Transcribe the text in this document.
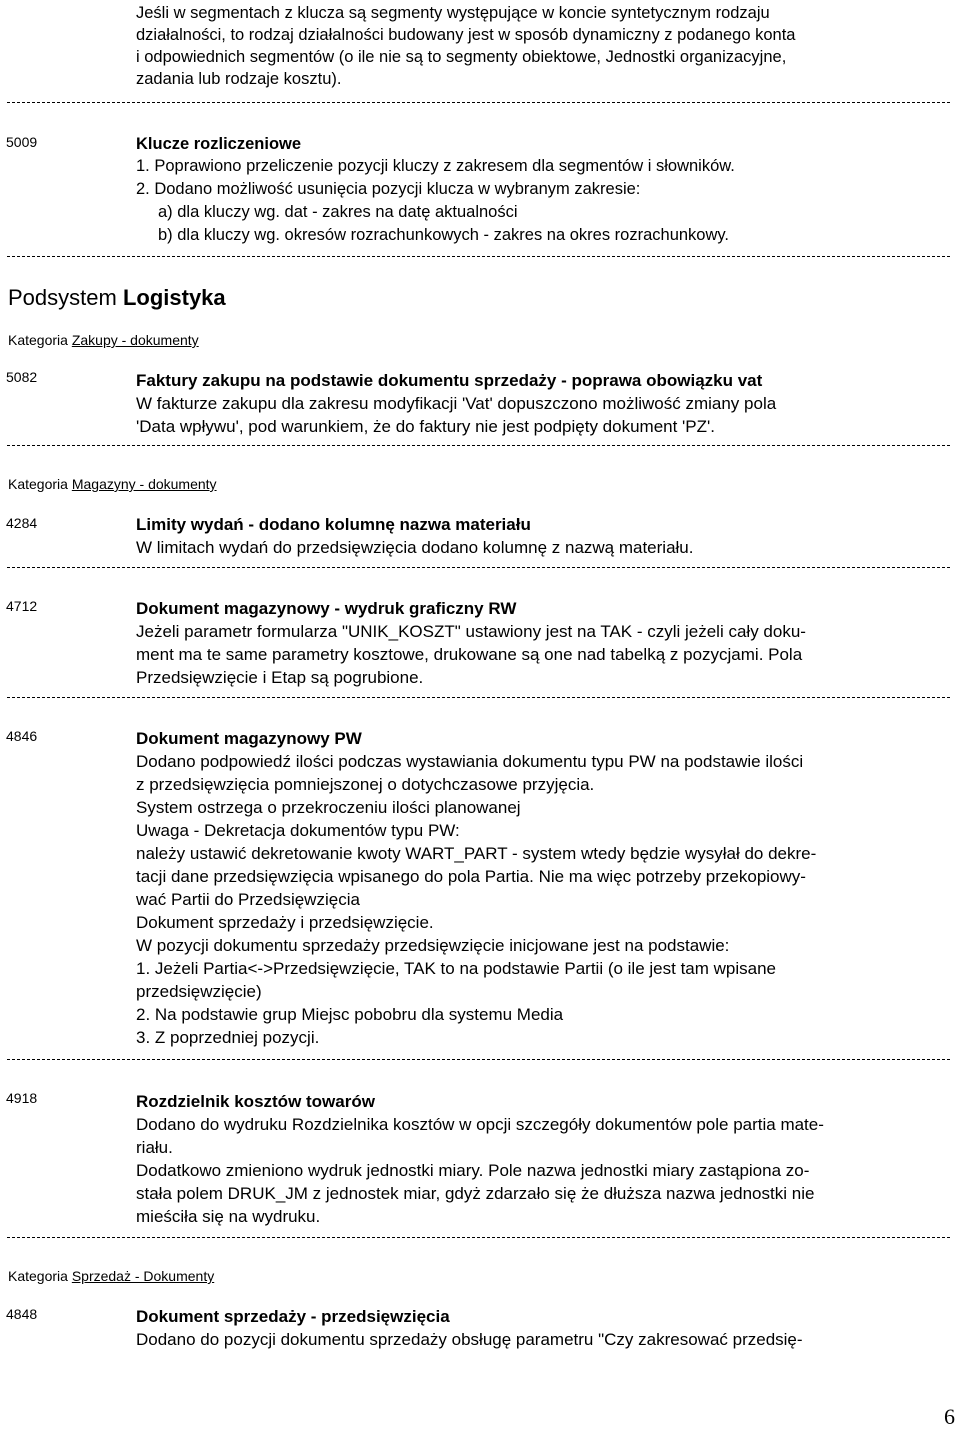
Jeśli w segmentach z klucza są segmenty występujące w koncie syntetycznym rodzaju
działalności, to rodzaj działalności budowany jest w sposób dynamiczny z podanego konta
i odpowiednich segmentów (o ile nie są to segmenty obiektowe, Jednostki organizacyjne,
zadania lub rodzaje kosztu).
5009	Klucze rozliczeniowe
1. Poprawiono przeliczenie pozycji kluczy z zakresem dla segmentów i słowników.
2. Dodano możliwość usunięcia pozycji klucza w wybranym zakresie:
a) dla kluczy wg. dat - zakres na datę aktualności
b) dla kluczy wg. okresów rozrachunkowych - zakres na okres rozrachunkowy.
Podsystem Logistyka
Kategoria Zakupy - dokumenty
5082	Faktury zakupu na podstawie dokumentu sprzedaży - poprawa obowiązku vat
W fakturze zakupu dla zakresu modyfikacji 'Vat' dopuszczono możliwość zmiany pola
'Data wpływu', pod warunkiem, że do faktury nie jest podpięty dokument 'PZ'.
Kategoria Magazyny - dokumenty
4284	Limity wydań - dodano kolumnę nazwa materiału
W limitach wydań do przedsięwzięcia dodano kolumnę z nazwą materiału.
4712	Dokument magazynowy - wydruk graficzny RW
Jeżeli parametr formularza "UNIK_KOSZT" ustawiony jest na TAK - czyli jeżeli cały doku-
ment ma te same parametry kosztowe, drukowane są one nad tabelką z pozycjami. Pola
Przedsięwzięcie i Etap są pogrubione.
4846	Dokument magazynowy PW
Dodano podpowiedź ilości podczas wystawiania dokumentu typu PW na podstawie ilości
z przedsięwzięcia pomniejszonej o dotychczasowe przyjęcia.
System ostrzega o przekroczeniu ilości planowanej
Uwaga - Dekretacja dokumentów typu PW:
należy ustawić dekretowanie kwoty WART_PART - system wtedy będzie wysyłał do dekre-
tacji dane przedsięwzięcia wpisanego do pola Partia. Nie ma więc potrzeby przekopiowy-
wać Partii do Przedsięwzięcia
Dokument sprzedaży i przedsięwzięcie.
W pozycji dokumentu sprzedaży przedsięwzięcie inicjowane jest na podstawie:
1. Jeżeli Partia<->Przedsięwzięcie, TAK to na podstawie Partii (o ile jest tam wpisane
przedsięwzięcie)
2. Na podstawie grup Miejsc pobobru dla systemu Media
3. Z poprzedniej pozycji.
4918	Rozdzielnik kosztów towarów
Dodano do wydruku Rozdzielnika kosztów w opcji szczegóły dokumentów pole partia mate-
riału.
Dodatkowo zmieniono wydruk jednostki miary. Pole nazwa jednostki miary zastąpiona zo-
stała polem DRUK_JM z jednostek miar, gdyż zdarzało się że dłuższa nazwa jednostki nie
mieściła się na wydruku.
Kategoria Sprzedaż - Dokumenty
4848	Dokument sprzedaży - przedsięwzięcia
Dodano do pozycji dokumentu sprzedaży obsługę parametru "Czy zakresować przedsię-
6
